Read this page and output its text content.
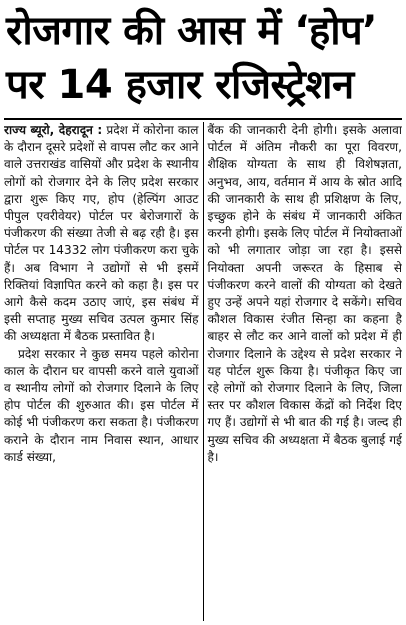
रोजगार की आस में ‘होप’
पर 14 हजार रजिस्ट्रेशन

राज्य ब्यूरो, देहरादून : प्रदेश में कोरोना काल के दौरान दूसरे प्रदेशों से वापस लौट कर आने वाले उत्तराखंड वासियों और प्रदेश के स्थानीय लोगों को रोजगार देने के लिए प्रदेश सरकार द्वारा शुरू किए गए, होप (हेल्पिंग आउट पीपुल एवरीवेयर) पोर्टल पर बेरोजगारों के पंजीकरण की संख्या तेजी से बढ़ रही है। इस पोर्टल पर 14332 लोग पंजीकरण करा चुके हैं। अब विभाग ने उद्योगों से भी इसमें रिक्तियां विज्ञापित करने को कहा है। इस पर आगे कैसे कदम उठाए जाएं, इस संबंध में इसी सप्ताह मुख्य सचिव उत्पल कुमार सिंह की अध्यक्षता में बैठक प्रस्तावित है।

प्रदेश सरकार ने कुछ समय पहले कोरोना काल के दौरान घर वापसी करने वाले युवाओं व स्थानीय लोगों को रोजगार दिलाने के लिए होप पोर्टल की शुरुआत की। इस पोर्टल में कोई भी पंजीकरण करा सकता है। पंजीकरण कराने के दौरान नाम निवास स्थान, आधार कार्ड संख्या,

बैंक की जानकारी देनी होगी। इसके अलावा पोर्टल में अंतिम नौकरी का पूरा विवरण, शैक्षिक योग्यता के साथ ही विशेषज्ञता, अनुभव, आय, वर्तमान में आय के स्रोत आदि की जानकारी के साथ ही प्रशिक्षण के लिए, इच्छुक होने के संबंध में जानकारी अंकित करनी होगी। इसके लिए पोर्टल में नियोक्ताओं को भी लगातार जोड़ा जा रहा है। इससे नियोक्ता अपनी जरूरत के हिसाब से पंजीकरण करने वालों की योग्यता को देखते हुए उन्हें अपने यहां रोजगार दे सकेंगे। सचिव कौशल विकास रंजीत सिन्हा का कहना है बाहर से लौट कर आने वालों को प्रदेश में ही रोजगार दिलाने के उद्देश्य से प्रदेश सरकार ने यह पोर्टल शुरू किया है। पंजीकृत किए जा रहे लोगों को रोजगार दिलाने के लिए, जिला स्तर पर कौशल विकास केंद्रों को निर्देश दिए गए हैं। उद्योगों से भी बात की गई है। जल्द ही मुख्य सचिव की अध्यक्षता में बैठक बुलाई गई है।
